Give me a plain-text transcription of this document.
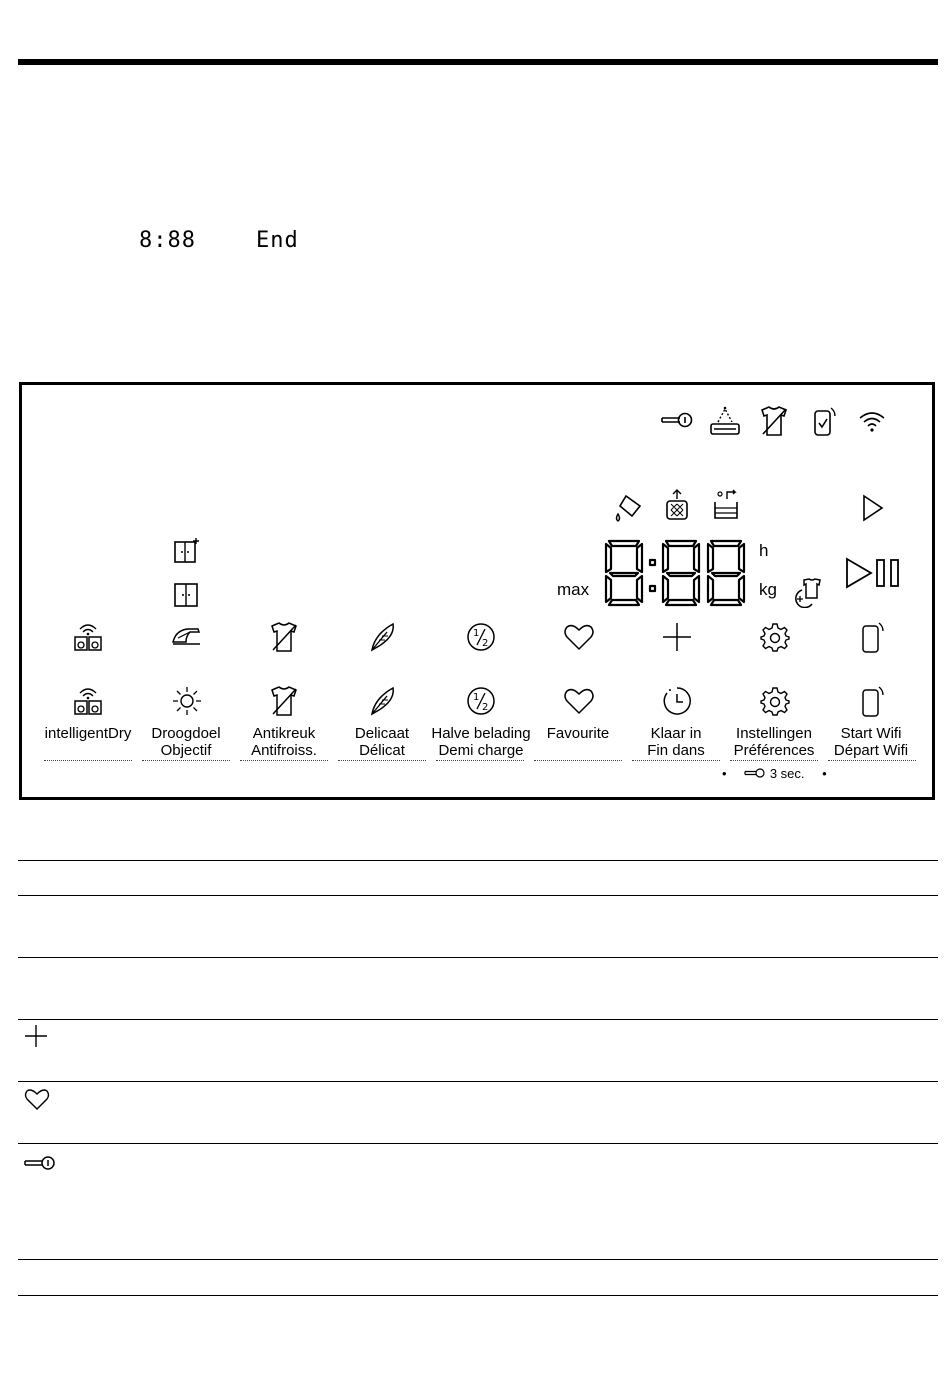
8:88	End
max
h
kg
1
2
1
2
intelligentDry	Droogdoel
Objectif
Antikreuk
Antifroiss.
Delicaat
Délicat
Halve belading
Demi charge
Favourite	Klaar in
Fin dans
Instellingen
Préférences
Start Wifi
Départ Wifi
•	3 sec. •
